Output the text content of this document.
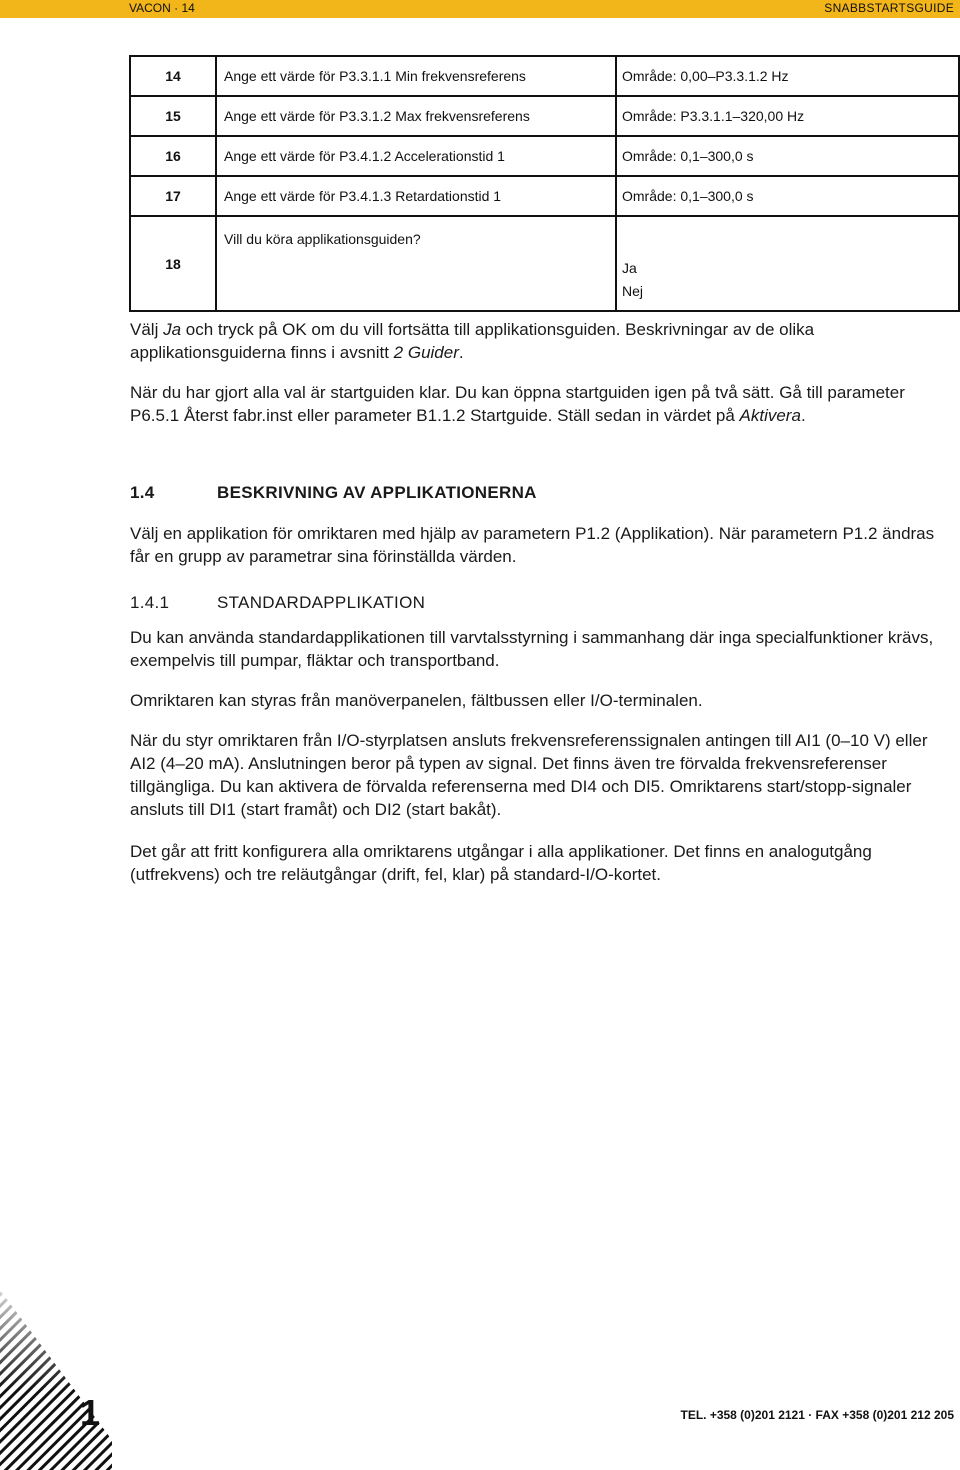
VACON · 14	SNABBSTARTSGUIDE
14	Ange ett värde för P3.3.1.1 Min frekvensreferens	Område: 0,00–P3.3.1.2 Hz
15	Ange ett värde för P3.3.1.2 Max frekvensreferens	Område: P3.3.1.1–320,00 Hz
16	Ange ett värde för P3.4.1.2 Accelerationstid 1	Område: 0,1–300,0 s
17	Ange ett värde för P3.4.1.3 Retardationstid 1	Område: 0,1–300,0 s
18	Vill du köra applikationsguiden?	Ja
Nej

Välj Ja och tryck på OK om du vill fortsätta till applikationsguiden. Beskrivningar av de olika applikationsguiderna finns i avsnitt 2 Guider.

När du har gjort alla val är startguiden klar. Du kan öppna startguiden igen på två sätt. Gå till parameter P6.5.1 Återst fabr.inst eller parameter B1.1.2 Startguide. Ställ sedan in värdet på Aktivera.

1.4	BESKRIVNING AV APPLIKATIONERNA

Välj en applikation för omriktaren med hjälp av parametern P1.2 (Applikation). När parametern P1.2 ändras får en grupp av parametrar sina förinställda värden.

1.4.1	STANDARDAPPLIKATION

Du kan använda standardapplikationen till varvtalsstyrning i sammanhang där inga specialfunktioner krävs, exempelvis till pumpar, fläktar och transportband.

Omriktaren kan styras från manöverpanelen, fältbussen eller I/O-terminalen.

När du styr omriktaren från I/O-styrplatsen ansluts frekvensreferenssignalen antingen till AI1 (0–10 V) eller AI2 (4–20 mA). Anslutningen beror på typen av signal. Det finns även tre förvalda frekvensreferenser tillgängliga. Du kan aktivera de förvalda referenserna med DI4 och DI5. Omriktarens start/stopp-signaler ansluts till DI1 (start framåt) och DI2 (start bakåt).

Det går att fritt konfigurera alla omriktarens utgångar i alla applikationer. Det finns en analogutgång (utfrekvens) och tre reläutgångar (drift, fel, klar) på standard-I/O-kortet.

1	TEL. +358 (0)201 2121 · FAX +358 (0)201 212 205
